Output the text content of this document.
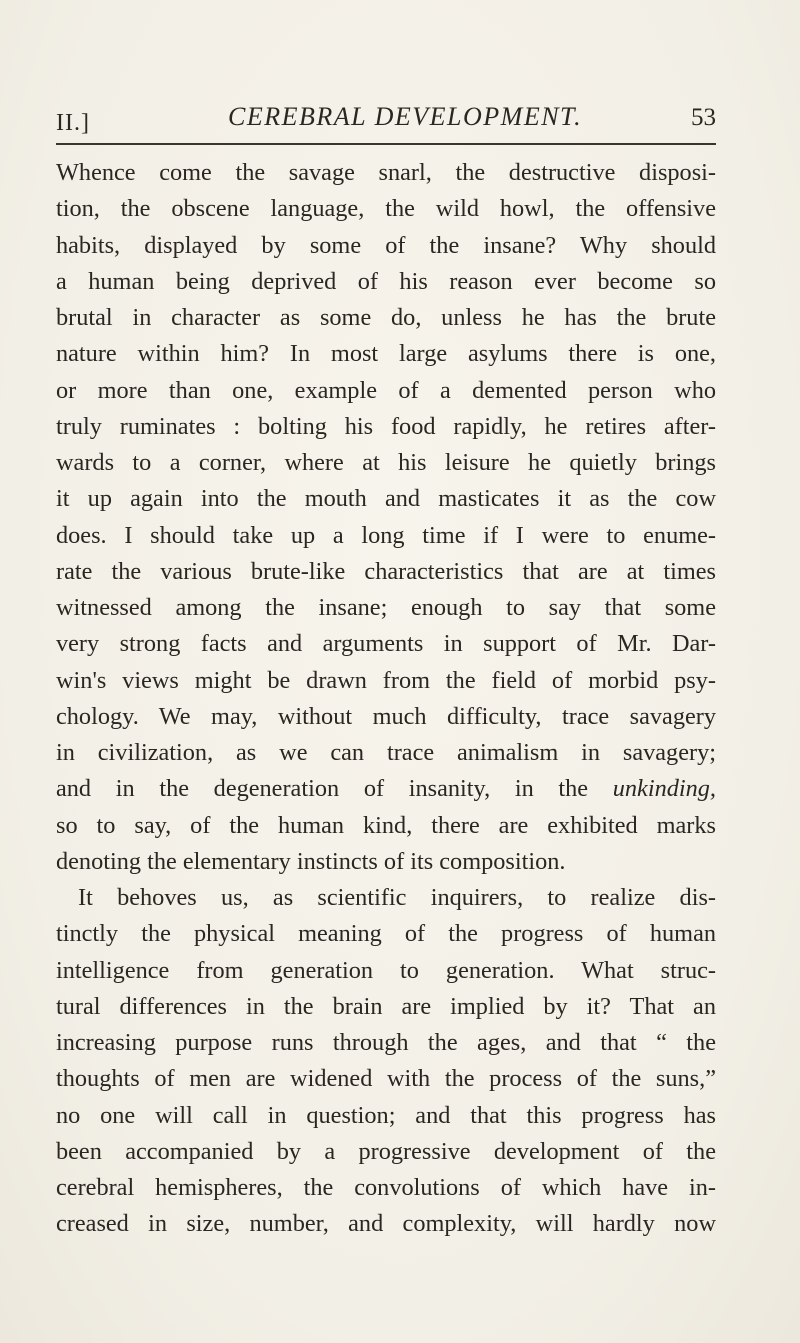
II.]	CEREBRAL DEVELOPMENT.	53
Whence come the savage snarl, the destructive disposi-
tion, the obscene language, the wild howl, the offensive
habits, displayed by some of the insane? Why should
a human being deprived of his reason ever become so
brutal in character as some do, unless he has the brute
nature within him? In most large asylums there is one,
or more than one, example of a demented person who
truly ruminates : bolting his food rapidly, he retires after-
wards to a corner, where at his leisure he quietly brings
it up again into the mouth and masticates it as the cow
does. I should take up a long time if I were to enume-
rate the various brute-like characteristics that are at times
witnessed among the insane; enough to say that some
very strong facts and arguments in support of Mr. Dar-
win's views might be drawn from the field of morbid psy-
chology. We may, without much difficulty, trace savagery
in civilization, as we can trace animalism in savagery;
and in the degeneration of insanity, in the unkinding,
so to say, of the human kind, there are exhibited marks
denoting the elementary instincts of its composition.
It behoves us, as scientific inquirers, to realize dis-
tinctly the physical meaning of the progress of human
intelligence from generation to generation. What struc-
tural differences in the brain are implied by it? That an
increasing purpose runs through the ages, and that “ the
thoughts of men are widened with the process of the suns,”
no one will call in question; and that this progress has
been accompanied by a progressive development of the
cerebral hemispheres, the convolutions of which have in-
creased in size, number, and complexity, will hardly now
